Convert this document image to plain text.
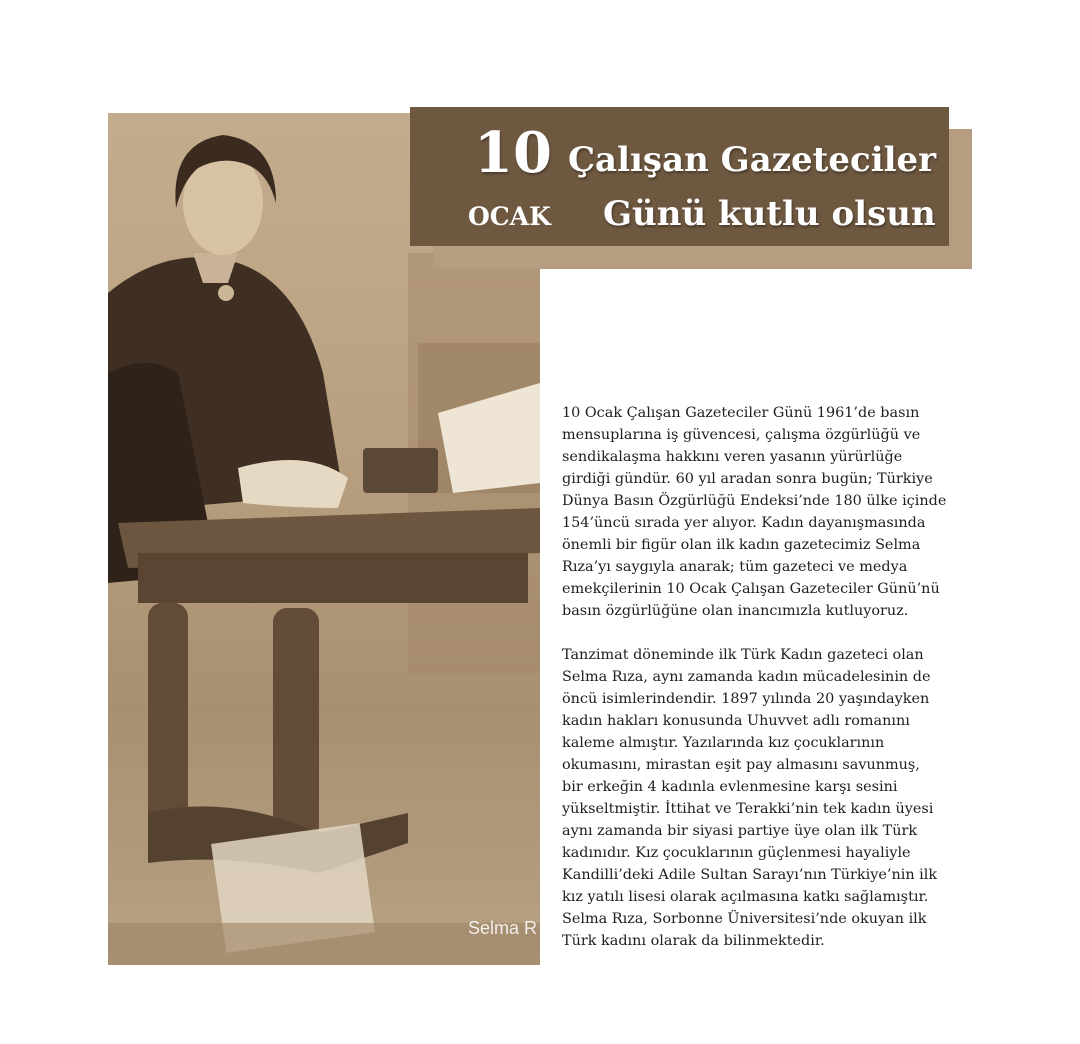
Selma R
10
OCAK
Çalışan Gazeteciler
Günü kutlu olsun

10 Ocak Çalışan Gazeteciler Günü 1961’de basın

mensuplarına iş güvencesi, çalışma özgürlüğü ve

sendikalaşma hakkını veren yasanın yürürlüğe

girdiği gündür. 60 yıl aradan sonra bugün; Türkiye

Dünya Basın Özgürlüğü Endeksi’nde 180 ülke içinde

154’üncü sırada yer alıyor. Kadın dayanışmasında

önemli bir figür olan ilk kadın gazetecimiz Selma

Rıza’yı saygıyla anarak; tüm gazeteci ve medya

emekçilerinin 10 Ocak Çalışan Gazeteciler Günü’nü

basın özgürlüğüne olan inancımızla kutluyoruz.

Tanzimat döneminde ilk Türk Kadın gazeteci olan

Selma Rıza, aynı zamanda kadın mücadelesinin de

öncü isimlerindendir. 1897 yılında 20 yaşındayken

kadın hakları konusunda Uhuvvet adlı romanını

kaleme almıştır. Yazılarında kız çocuklarının

okumasını, mirastan eşit pay almasını savunmuş,

bir erkeğin 4 kadınla evlenmesine karşı sesini

yükseltmiştir. İttihat ve Terakki’nin tek kadın üyesi

aynı zamanda bir siyasi partiye üye olan ilk Türk

kadınıdır. Kız çocuklarının güçlenmesi hayaliyle

Kandilli’deki Adile Sultan Sarayı’nın Türkiye’nin ilk

kız yatılı lisesi olarak açılmasına katkı sağlamıştır.

Selma Rıza, Sorbonne Üniversitesi’nde okuyan ilk

Türk kadını olarak da bilinmektedir.
